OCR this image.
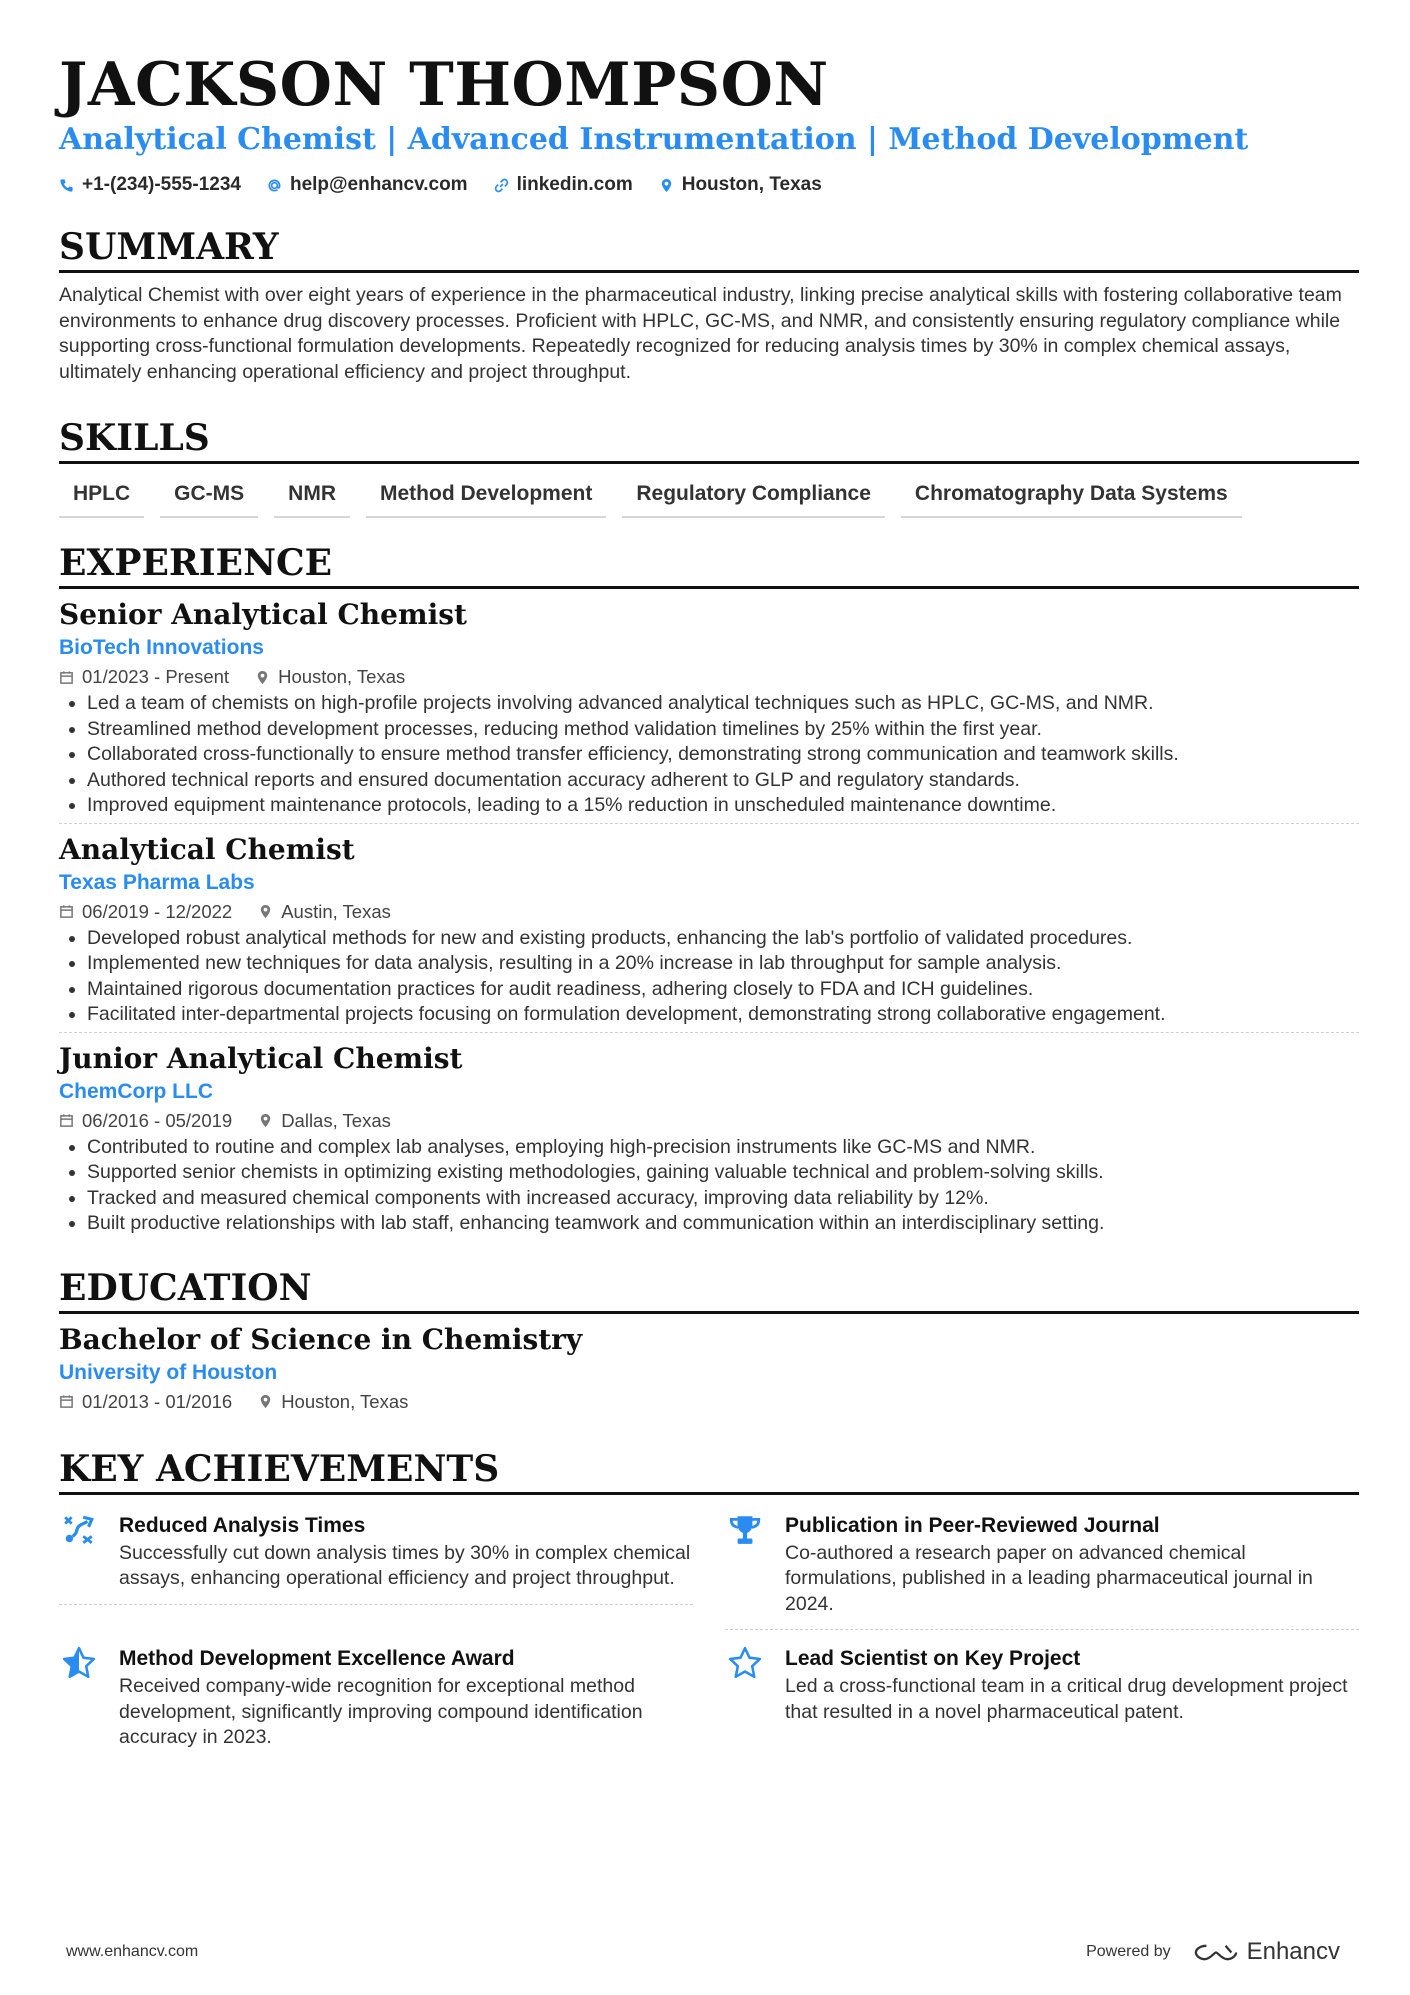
JACKSON THOMPSON

Analytical Chemist | Advanced Instrumentation | Method Development

+1-(234)-555-1234	help@enhancv.com	linkedin.com	Houston, Texas
SUMMARY

Analytical Chemist with over eight years of experience in the pharmaceutical industry, linking precise analytical skills with fostering collaborative team environments to enhance drug discovery processes. Proficient with HPLC, GC-MS, and NMR, and consistently ensuring regulatory compliance while supporting cross-functional formulation developments. Repeatedly recognized for reducing analysis times by 30% in complex chemical assays, ultimately enhancing operational efficiency and project throughput.

SKILLS
HPLC	GC-MS	NMR	Method Development	Regulatory Compliance	Chromatography Data Systems
EXPERIENCE
Senior Analytical Chemist
BioTech Innovations
01/2023 - Present	Houston, Texas
• Led a team of chemists on high-profile projects involving advanced analytical techniques such as HPLC, GC-MS, and NMR.
• Streamlined method development processes, reducing method validation timelines by 25% within the first year.
• Collaborated cross-functionally to ensure method transfer efficiency, demonstrating strong communication and teamwork skills.
• Authored technical reports and ensured documentation accuracy adherent to GLP and regulatory standards.
• Improved equipment maintenance protocols, leading to a 15% reduction in unscheduled maintenance downtime.
Analytical Chemist
Texas Pharma Labs
06/2019 - 12/2022	Austin, Texas
• Developed robust analytical methods for new and existing products, enhancing the lab's portfolio of validated procedures.
• Implemented new techniques for data analysis, resulting in a 20% increase in lab throughput for sample analysis.
• Maintained rigorous documentation practices for audit readiness, adhering closely to FDA and ICH guidelines.
• Facilitated inter-departmental projects focusing on formulation development, demonstrating strong collaborative engagement.
Junior Analytical Chemist
ChemCorp LLC
06/2016 - 05/2019	Dallas, Texas
• Contributed to routine and complex lab analyses, employing high-precision instruments like GC-MS and NMR.
• Supported senior chemists in optimizing existing methodologies, gaining valuable technical and problem-solving skills.
• Tracked and measured chemical components with increased accuracy, improving data reliability by 12%.
• Built productive relationships with lab staff, enhancing teamwork and communication within an interdisciplinary setting.
EDUCATION
Bachelor of Science in Chemistry
University of Houston
01/2013 - 01/2016	Houston, Texas
KEY ACHIEVEMENTS
Reduced Analysis Times
Successfully cut down analysis times by 30% in complex chemical assays, enhancing operational efficiency and project throughput.
Publication in Peer-Reviewed Journal
Co-authored a research paper on advanced chemical formulations, published in a leading pharmaceutical journal in 2024.
Method Development Excellence Award
Received company-wide recognition for exceptional method development, significantly improving compound identification accuracy in 2023.
Lead Scientist on Key Project
Led a cross-functional team in a critical drug development project that resulted in a novel pharmaceutical patent.
www.enhancv.com	Powered by	Enhancv
